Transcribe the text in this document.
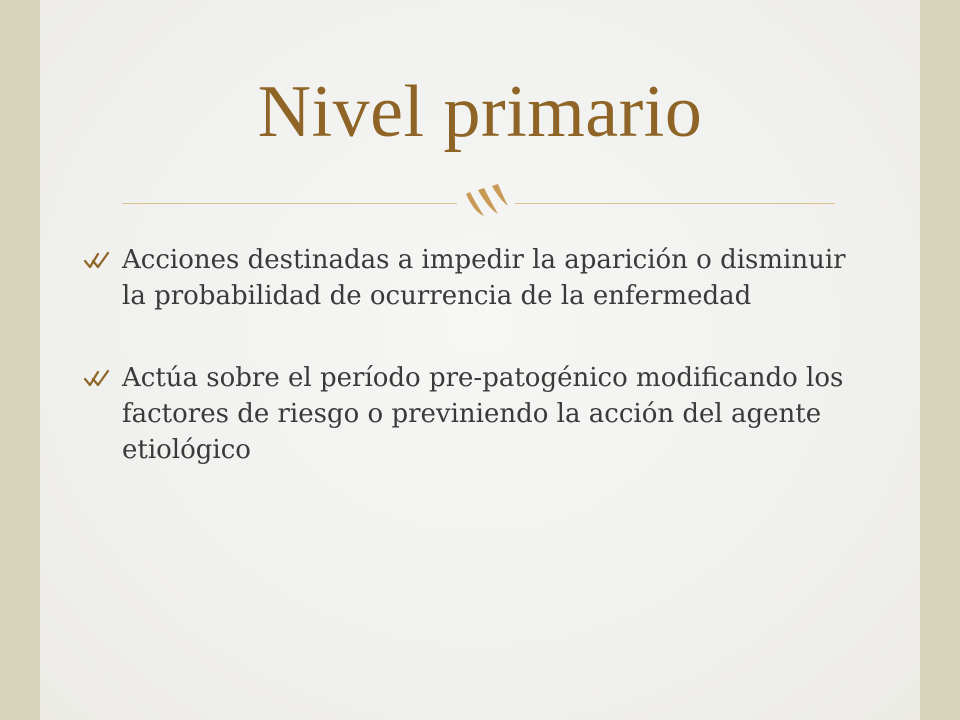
Nivel primario
Acciones destinadas a impedir la aparición o disminuir la probabilidad de ocurrencia de la enfermedad
Actúa sobre el período pre-patogénico modificando los factores de riesgo o previniendo la acción del agente etiológico
